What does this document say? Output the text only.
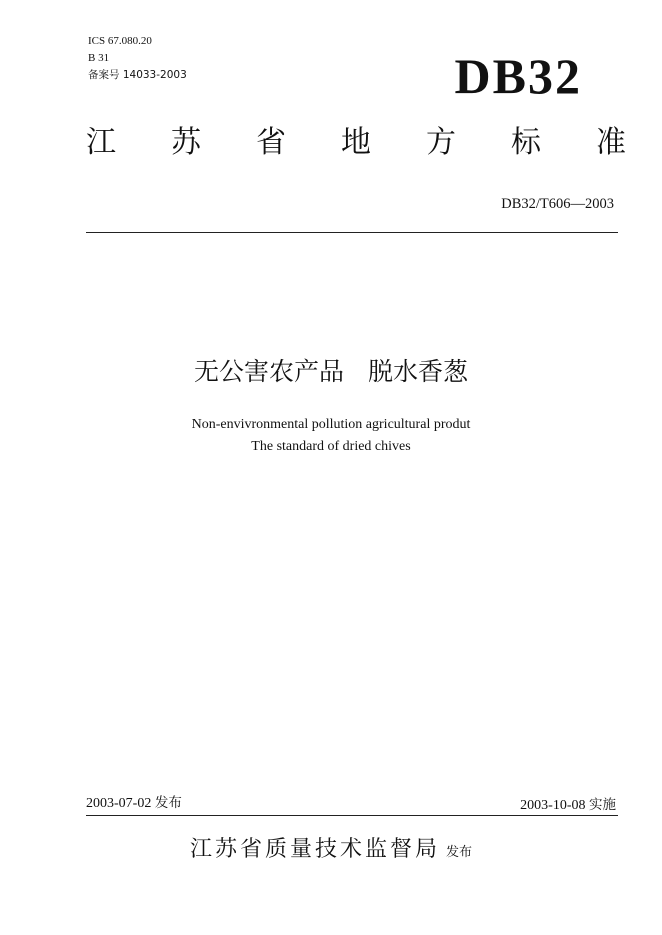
ICS 67.080.20
B 31
备案号 14033-2003	DB32
江 苏 省 地 方 标 准
DB32/T606—2003
无公害农产品 脱水香葱
Non-envivronmental pollution agricultural produt
The standard of dried chives
2003-07-02 发布	2003-10-08 实施
江苏省质量技术监督局 发布
